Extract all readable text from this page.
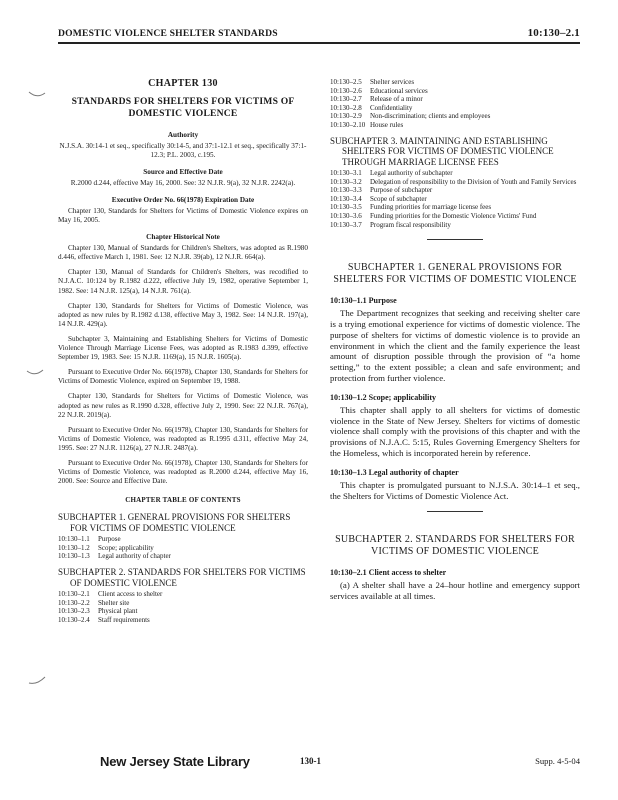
DOMESTIC VIOLENCE SHELTER STANDARDS	10:130–2.1
CHAPTER 130
STANDARDS FOR SHELTERS FOR VICTIMS OF DOMESTIC VIOLENCE
Authority
N.J.S.A. 30:14-1 et seq., specifically 30:14-5, and 37:1-12.1 et seq., specifically 37:1-12.3; P.L. 2003, c.195.
Source and Effective Date
R.2000 d.244, effective May 16, 2000. See: 32 N.J.R. 9(a), 32 N.J.R. 2242(a).
Executive Order No. 66(1978) Expiration Date
Chapter 130, Standards for Shelters for Victims of Domestic Violence expires on May 16, 2005.
Chapter Historical Note
Chapter 130, Manual of Standards for Children's Shelters, was adopted as R.1980 d.446, effective March 1, 1981. See: 12 N.J.R. 39(ab), 12 N.J.R. 664(a).
Chapter 130, Manual of Standards for Children's Shelters, was recodified to N.J.A.C. 10:124 by R.1982 d.222, effective July 19, 1982, operative September 1, 1982. See: 14 N.J.R. 125(a), 14 N.J.R. 761(a).
Chapter 130, Standards for Shelters for Victims of Domestic Violence, was adopted as new rules by R.1982 d.138, effective May 3, 1982. See: 14 N.J.R. 197(a), 14 N.J.R. 429(a).
Subchapter 3, Maintaining and Establishing Shelters for Victims of Domestic Violence Through Marriage License Fees, was adopted as R.1983 d.399, effective September 19, 1983. See: 15 N.J.R. 1169(a), 15 N.J.R. 1605(a).
Pursuant to Executive Order No. 66(1978), Chapter 130, Standards for Shelters for Victims of Domestic Violence, expired on September 19, 1988.
Chapter 130, Standards for Shelters for Victims of Domestic Violence, was adopted as new rules as R.1990 d.328, effective July 2, 1990. See: 22 N.J.R. 767(a), 22 N.J.R. 2019(a).
Pursuant to Executive Order No. 66(1978), Chapter 130, Standards for Shelters for Victims of Domestic Violence, was readopted as R.1995 d.311, effective May 24, 1995. See: 27 N.J.R. 1126(a), 27 N.J.R. 2487(a).
Pursuant to Executive Order No. 66(1978), Chapter 130, Standards for Shelters for Victims of Domestic Violence, was readopted as R.2000 d.244, effective May 16, 2000. See: Source and Effective Date.
CHAPTER TABLE OF CONTENTS
SUBCHAPTER 1. GENERAL PROVISIONS FOR SHELTERS FOR VICTIMS OF DOMESTIC VIOLENCE
10:130–1.1	Purpose
10:130–1.2	Scope; applicability
10:130–1.3	Legal authority of chapter
SUBCHAPTER 2. STANDARDS FOR SHELTERS FOR VICTIMS OF DOMESTIC VIOLENCE
10:130–2.1	Client access to shelter
10:130–2.2	Shelter site
10:130–2.3	Physical plant
10:130–2.4	Staff requirements
10:130–2.5	Shelter services
10:130–2.6	Educational services
10:130–2.7	Release of a minor
10:130–2.8	Confidentiality
10:130–2.9	Non-discrimination; clients and employees
10:130–2.10 House rules
SUBCHAPTER 3. MAINTAINING AND ESTABLISHING SHELTERS FOR VICTIMS OF DOMESTIC VIOLENCE THROUGH MARRIAGE LICENSE FEES
10:130–3.1	Legal authority of subchapter
10:130–3.2	Delegation of responsibility to the Division of Youth and Family Services
10:130–3.3	Purpose of subchapter
10:130–3.4	Scope of subchapter
10:130–3.5	Funding priorities for marriage license fees
10:130–3.6	Funding priorities for the Domestic Violence Victims' Fund
10:130–3.7	Program fiscal responsibility
SUBCHAPTER 1. GENERAL PROVISIONS FOR SHELTERS FOR VICTIMS OF DOMESTIC VIOLENCE
10:130–1.1 Purpose
The Department recognizes that seeking and receiving shelter care is a trying emotional experience for victims of domestic violence. The purpose of shelters for victims of domestic violence is to provide an environment in which the client and the family experience the least amount of disruption possible through the provision of “a home setting,” to the extent possible; a clean and safe environment; and protection from further violence.
10:130–1.2 Scope; applicability
This chapter shall apply to all shelters for victims of domestic violence in the State of New Jersey. Shelters for victims of domestic violence shall comply with the provisions of this chapter and with the provisions of N.J.A.C. 5:15, Rules Governing Emergency Shelters for the Homeless, which is incorporated herein by reference.
10:130–1.3 Legal authority of chapter
This chapter is promulgated pursuant to N.J.S.A. 30:14–1 et seq., the Shelters for Victims of Domestic Violence Act.
SUBCHAPTER 2. STANDARDS FOR SHELTERS FOR VICTIMS OF DOMESTIC VIOLENCE
10:130–2.1 Client access to shelter
(a) A shelter shall have a 24–hour hotline and emergency support services available at all times.
New Jersey State Library	130-1	Supp. 4-5-04
